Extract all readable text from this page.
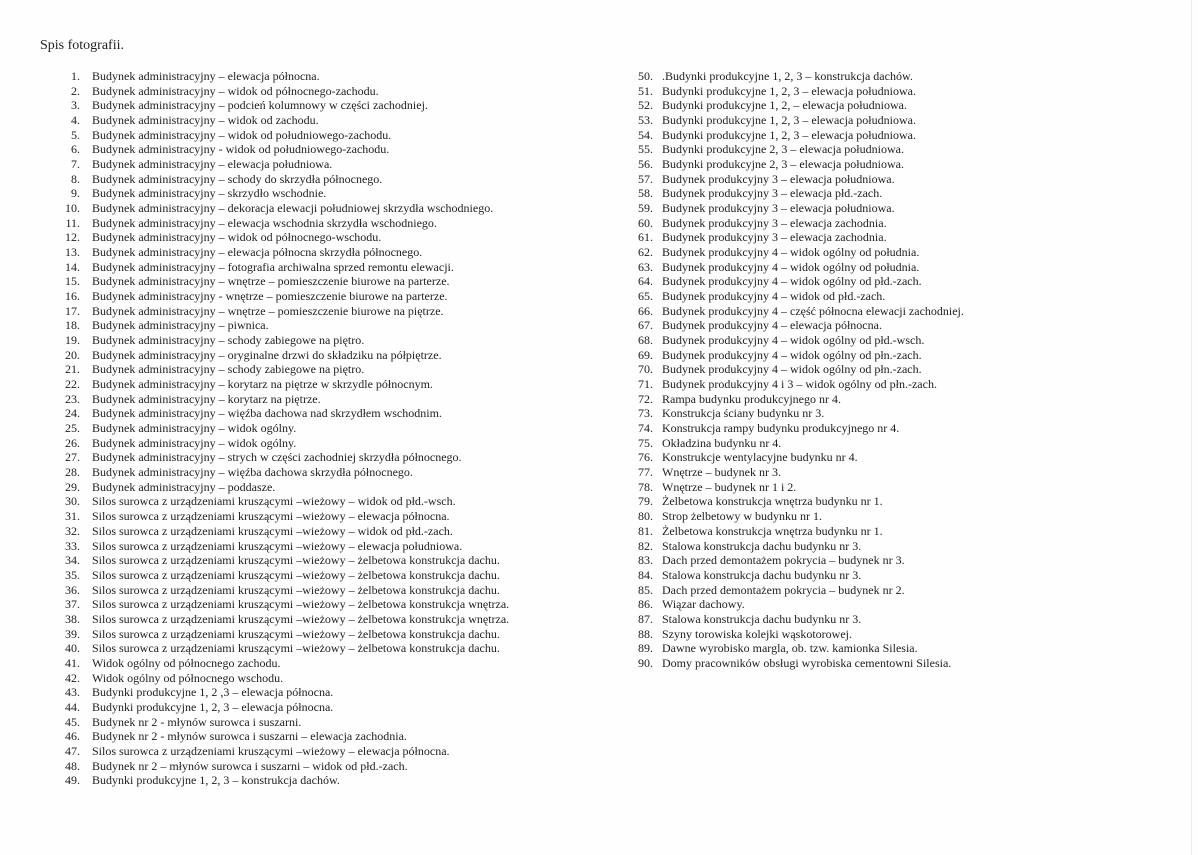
Spis fotografii.
1. Budynek administracyjny – elewacja północna.
2. Budynek administracyjny – widok od północnego-zachodu.
3. Budynek administracyjny – podcień kolumnowy w części zachodniej.
4. Budynek administracyjny – widok od zachodu.
5. Budynek administracyjny – widok od południowego-zachodu.
6. Budynek administracyjny - widok od południowego-zachodu.
7. Budynek administracyjny – elewacja południowa.
8. Budynek administracyjny – schody do skrzydła północnego.
9. Budynek administracyjny – skrzydło wschodnie.
10. Budynek administracyjny – dekoracja elewacji południowej skrzydła wschodniego.
11. Budynek administracyjny – elewacja wschodnia skrzydła wschodniego.
12. Budynek administracyjny – widok od północnego-wschodu.
13. Budynek administracyjny – elewacja północna skrzydła północnego.
14. Budynek administracyjny – fotografia archiwalna sprzed remontu elewacji.
15. Budynek administracyjny – wnętrze – pomieszczenie biurowe na parterze.
16. Budynek administracyjny - wnętrze – pomieszczenie biurowe na parterze.
17. Budynek administracyjny – wnętrze – pomieszczenie biurowe na piętrze.
18. Budynek administracyjny – piwnica.
19. Budynek administracyjny – schody zabiegowe na piętro.
20. Budynek administracyjny – oryginalne drzwi do składziku na półpiętrze.
21. Budynek administracyjny – schody zabiegowe na piętro.
22. Budynek administracyjny – korytarz na piętrze w skrzydle północnym.
23. Budynek administracyjny – korytarz na piętrze.
24. Budynek administracyjny – więźba dachowa nad skrzydłem wschodnim.
25. Budynek administracyjny – widok ogólny.
26. Budynek administracyjny – widok ogólny.
27. Budynek administracyjny – strych w części zachodniej skrzydła północnego.
28. Budynek administracyjny – więźba dachowa skrzydła północnego.
29. Budynek administracyjny – poddasze.
30. Silos surowca z urządzeniami kruszącymi –wieżowy – widok od płd.-wsch.
31. Silos surowca z urządzeniami kruszącymi –wieżowy – elewacja północna.
32. Silos surowca z urządzeniami kruszącymi –wieżowy – widok od płd.-zach.
33. Silos surowca z urządzeniami kruszącymi –wieżowy – elewacja południowa.
34. Silos surowca z urządzeniami kruszącymi –wieżowy – żelbetowa konstrukcja dachu.
35. Silos surowca z urządzeniami kruszącymi –wieżowy – żelbetowa konstrukcja dachu.
36. Silos surowca z urządzeniami kruszącymi –wieżowy – żelbetowa konstrukcja dachu.
37. Silos surowca z urządzeniami kruszącymi –wieżowy – żelbetowa konstrukcja wnętrza.
38. Silos surowca z urządzeniami kruszącymi –wieżowy – żelbetowa konstrukcja wnętrza.
39. Silos surowca z urządzeniami kruszącymi –wieżowy – żelbetowa konstrukcja dachu.
40. Silos surowca z urządzeniami kruszącymi –wieżowy – żelbetowa konstrukcja dachu.
41. Widok ogólny od północnego zachodu.
42. Widok ogólny od północnego wschodu.
43. Budynki produkcyjne 1, 2 ,3 – elewacja północna.
44. Budynki produkcyjne 1, 2, 3 – elewacja północna.
45. Budynek nr 2 - młynów surowca i suszarni.
46. Budynek nr 2 - młynów surowca i suszarni – elewacja zachodnia.
47. Silos surowca z urządzeniami kruszącymi –wieżowy – elewacja północna.
48. Budynek nr 2 – młynów surowca i suszarni – widok od płd.-zach.
49. Budynki produkcyjne 1, 2, 3 – konstrukcja dachów.
50. .Budynki produkcyjne 1, 2, 3 – konstrukcja dachów.
51. Budynki produkcyjne 1, 2, 3 – elewacja południowa.
52. Budynki produkcyjne 1, 2, – elewacja południowa.
53. Budynki produkcyjne 1, 2, 3 – elewacja południowa.
54. Budynki produkcyjne 1, 2, 3 – elewacja południowa.
55. Budynki produkcyjne 2, 3 – elewacja południowa.
56. Budynki produkcyjne 2, 3 – elewacja południowa.
57. Budynek produkcyjny 3 – elewacja południowa.
58. Budynek produkcyjny 3 – elewacja płd.-zach.
59. Budynek produkcyjny 3 – elewacja południowa.
60. Budynek produkcyjny 3 – elewacja zachodnia.
61. Budynek produkcyjny 3 – elewacja zachodnia.
62. Budynek produkcyjny 4 – widok ogólny od południa.
63. Budynek produkcyjny 4 – widok ogólny od południa.
64. Budynek produkcyjny 4 – widok ogólny od płd.-zach.
65. Budynek produkcyjny 4 – widok od płd.-zach.
66. Budynek produkcyjny 4 – część północna elewacji zachodniej.
67. Budynek produkcyjny 4 – elewacja północna.
68. Budynek produkcyjny 4 – widok ogólny od płd.-wsch.
69. Budynek produkcyjny 4 – widok ogólny od płn.-zach.
70. Budynek produkcyjny 4 – widok ogólny od płn.-zach.
71. Budynek produkcyjny 4 i 3 – widok ogólny od płn.-zach.
72. Rampa budynku produkcyjnego nr 4.
73. Konstrukcja ściany budynku nr 3.
74. Konstrukcja rampy budynku produkcyjnego nr 4.
75. Okładzina budynku nr 4.
76. Konstrukcje wentylacyjne budynku nr 4.
77. Wnętrze – budynek nr 3.
78. Wnętrze – budynek nr 1 i 2.
79. Żelbetowa konstrukcja wnętrza budynku nr 1.
80. Strop żelbetowy w budynku nr 1.
81. Żelbetowa konstrukcja wnętrza budynku nr 1.
82. Stalowa konstrukcja dachu budynku nr 3.
83. Dach przed demontażem pokrycia – budynek nr 3.
84. Stalowa konstrukcja dachu budynku nr 3.
85. Dach przed demontażem pokrycia – budynek nr 2.
86. Wiązar dachowy.
87. Stalowa konstrukcja dachu budynku nr 3.
88. Szyny torowiska kolejki wąskotorowej.
89. Dawne wyrobisko margla, ob. tzw. kamionka Silesia.
90. Domy pracowników obsługi wyrobiska cementowni Silesia.
